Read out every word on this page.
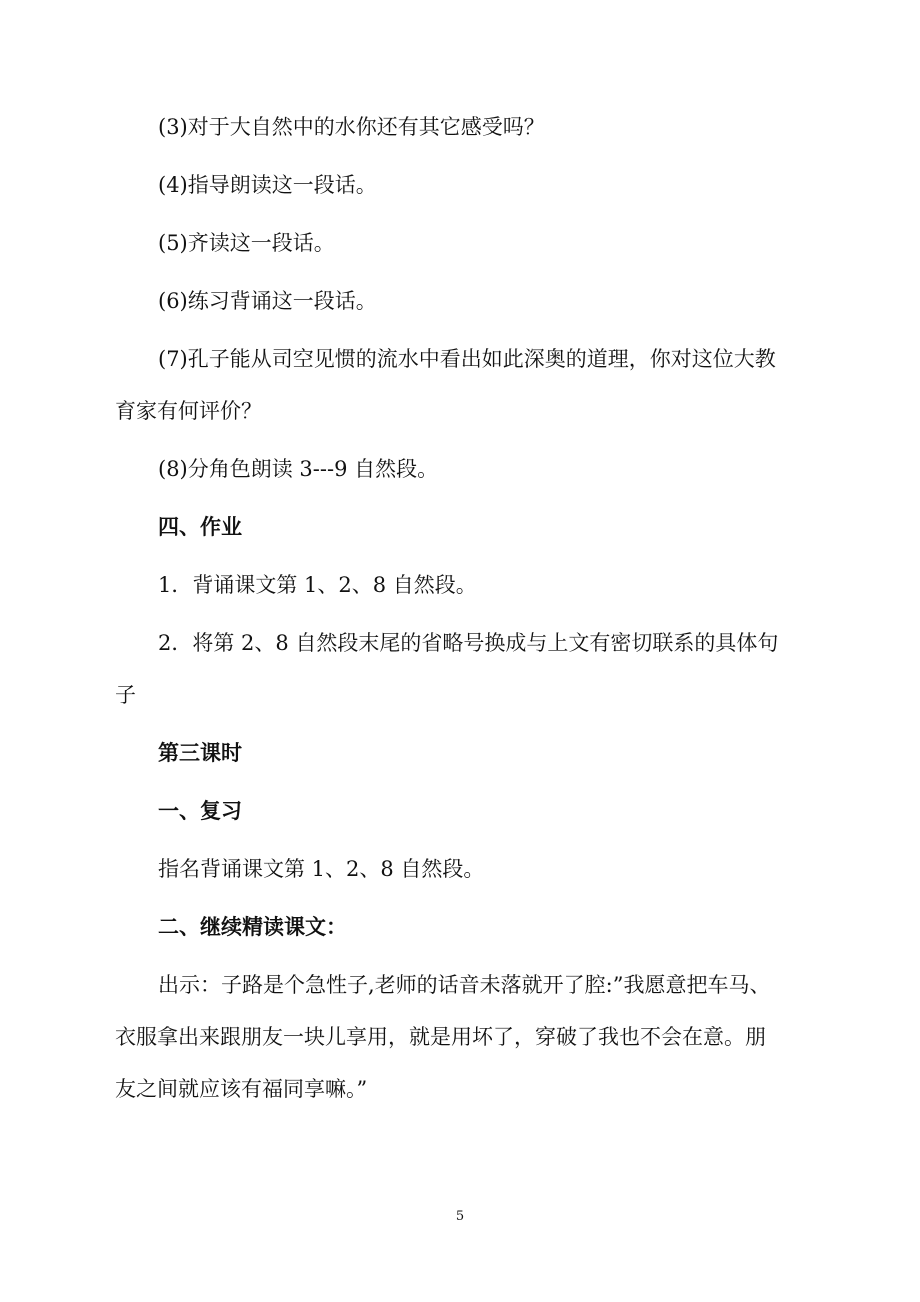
(3)对于大自然中的水你还有其它感受吗？
(4)指导朗读这一段话。
(5)齐读这一段话。
(6)练习背诵这一段话。
(7)孔子能从司空见惯的流水中看出如此深奥的道理，你对这位大教
育家有何评价？
(8)分角色朗读 3---9 自然段。
四、作业
1．背诵课文第 1、2、8 自然段。
2．将第 2、8 自然段末尾的省略号换成与上文有密切联系的具体句
子
第三课时
一、复习
指名背诵课文第 1、2、8 自然段。
二、继续精读课文：
出示：子路是个急性子,老师的话音未落就开了腔:”我愿意把车马、
衣服拿出来跟朋友一块儿享用，就是用坏了，穿破了我也不会在意。朋
友之间就应该有福同享嘛。”
5
